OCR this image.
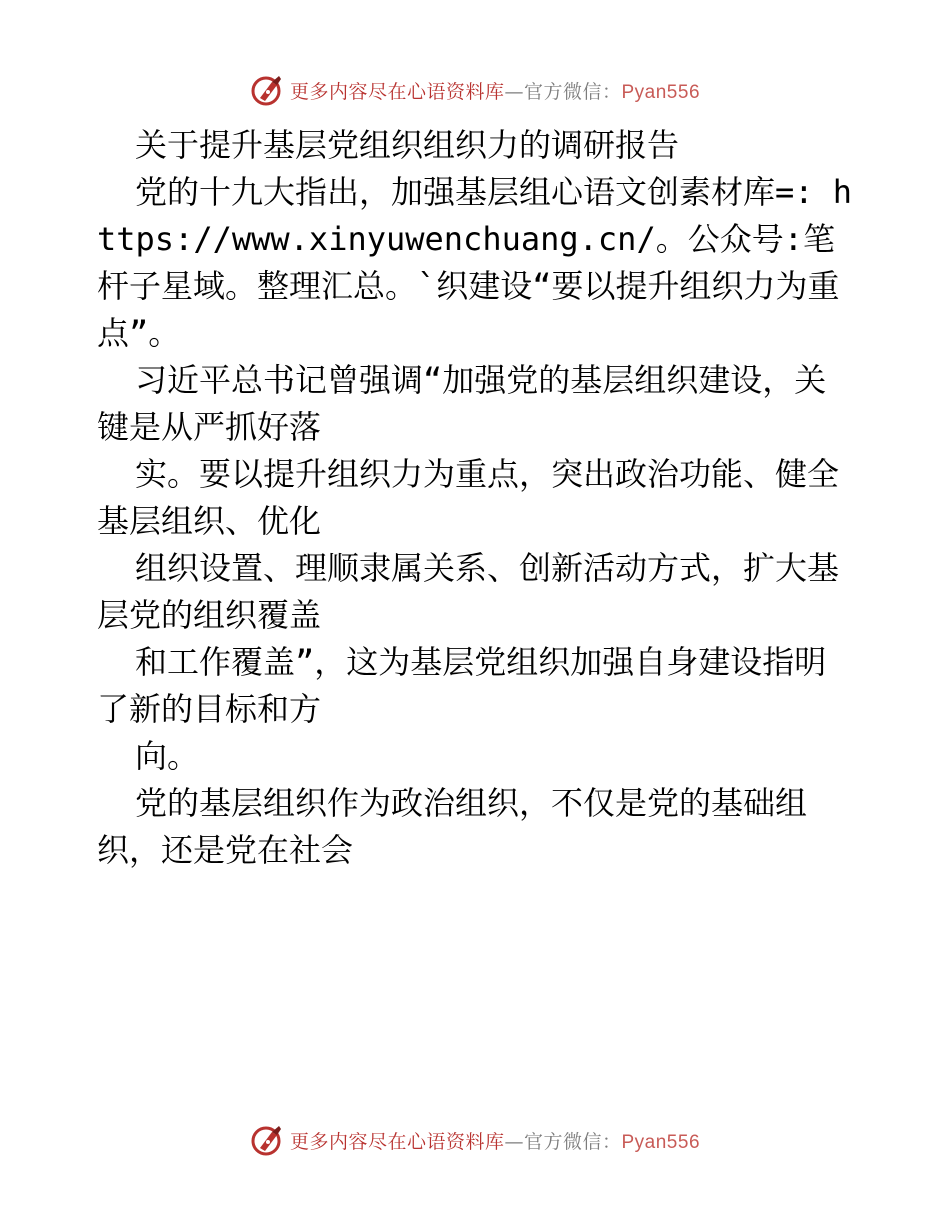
更多内容尽在心语资料库—官方微信：Pyan556

关于提升基层党组织组织力的调研报告

党的十九大指出，加强基层组心语文创素材库=: https://www.xinyuwenchuang.cn/。公众号:笔杆子星域。整理汇总。`织建设“要以提升组织力为重点”。

习近平总书记曾强调“加强党的基层组织建设，关键是从严抓好落

实。要以提升组织力为重点，突出政治功能、健全基层组织、优化

组织设置、理顺隶属关系、创新活动方式，扩大基层党的组织覆盖

和工作覆盖”，这为基层党组织加强自身建设指明了新的目标和方

向。

党的基层组织作为政治组织，不仅是党的基础组织，还是党在社会

更多内容尽在心语资料库—官方微信：Pyan556
